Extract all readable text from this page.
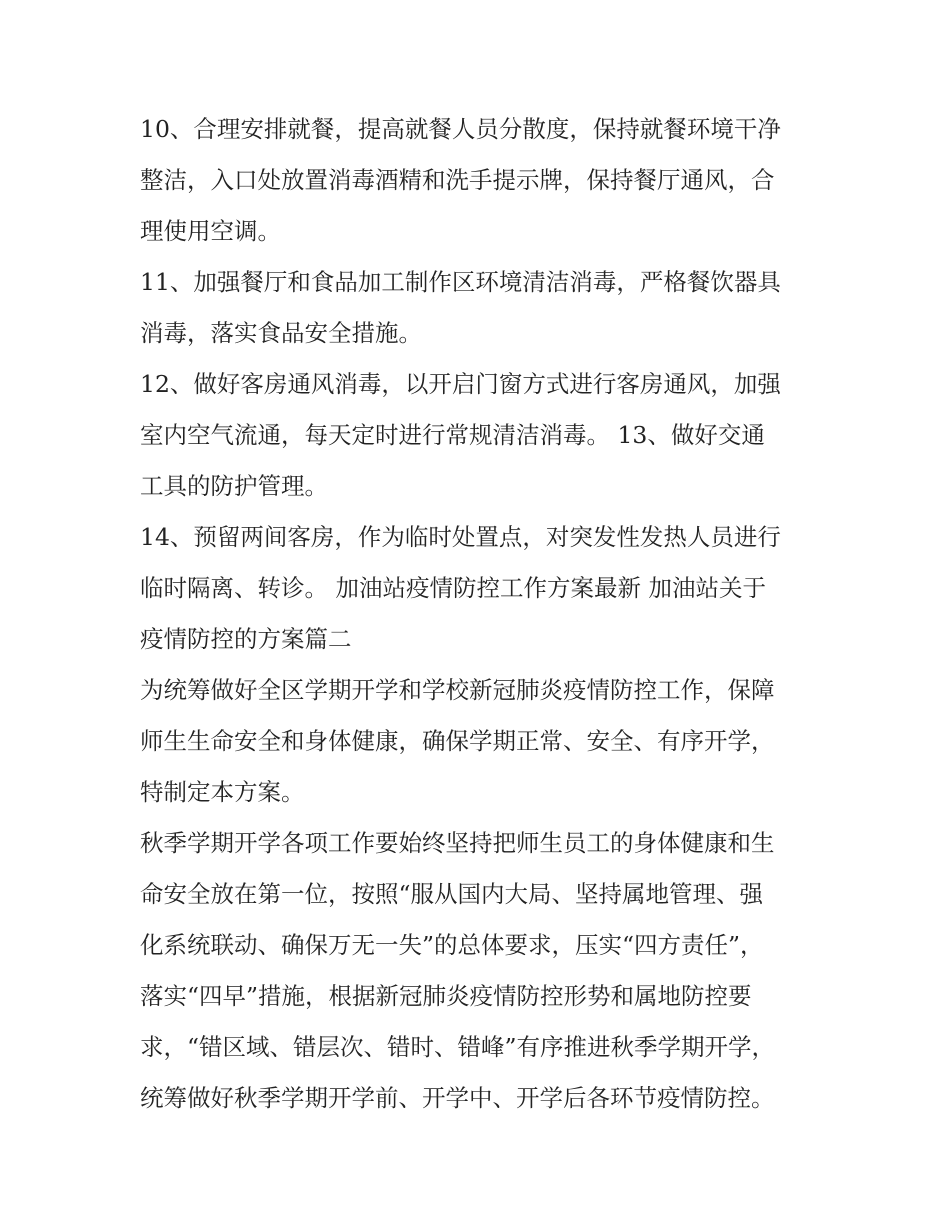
10、合理安排就餐，提高就餐人员分散度，保持就餐环境干净
整洁，入口处放置消毒酒精和洗手提示牌，保持餐厅通风，合
理使用空调。
11、加强餐厅和食品加工制作区环境清洁消毒，严格餐饮器具
消毒，落实食品安全措施。
12、做好客房通风消毒，以开启门窗方式进行客房通风，加强
室内空气流通，每天定时进行常规清洁消毒。 13、做好交通
工具的防护管理。
14、预留两间客房，作为临时处置点，对突发性发热人员进行
临时隔离、转诊。 加油站疫情防控工作方案最新 加油站关于
疫情防控的方案篇二
为统筹做好全区学期开学和学校新冠肺炎疫情防控工作，保障
师生生命安全和身体健康，确保学期正常、安全、有序开学，
特制定本方案。
秋季学期开学各项工作要始终坚持把师生员工的身体健康和生
命安全放在第一位，按照“服从国内大局、坚持属地管理、强
化系统联动、确保万无一失”的总体要求，压实“四方责任”，
落实“四早”措施，根据新冠肺炎疫情防控形势和属地防控要
求，“错区域、错层次、错时、错峰”有序推进秋季学期开学，
统筹做好秋季学期开学前、开学中、开学后各环节疫情防控。
